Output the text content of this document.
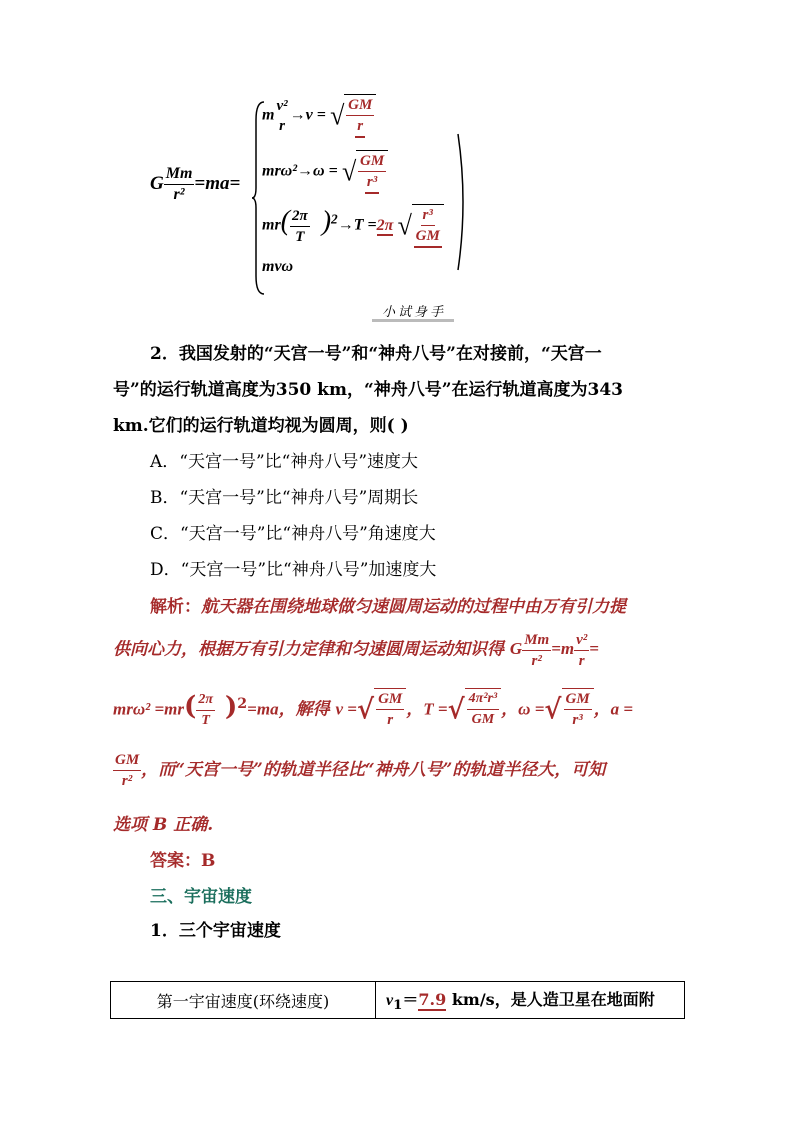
G $\frac{Mm}{\text{r²}} =ma=$
m
v²
r
→v = √ $\frac{GM}{r}$
mrω²→ω = √ $\frac{GM}{\text{r³}}$
$mr( \frac{2\pi}{T} )^2\to T =2\pi$ √ $\frac{\text{r³}}{GM}$
mvω
小试身手
2．我国发射的“天宫一号”和“神舟八号”在对接前，“天宫一
号”的运行轨道高度为350 km，“神舟八号”在运行轨道高度为343
km.它们的运行轨道均视为圆周，则( )
A．“天宫一号”比“神舟八号”速度大
B．“天宫一号”比“神舟八号”周期长
C．“天宫一号”比“神舟八号”角速度大
D．“天宫一号”比“神舟八号”加速度大
解析：航天器在围绕地球做匀速圆周运动的过程中由万有引力提
供向心力，根据万有引力定律和匀速圆周运动知识得 G $\frac{Mm}{\text{r²}} =m \frac{\text{v²}}{r}$ =
$mr\omega^2 =mr( \frac{2\pi}{T} )^2=ma$，解得 v = √ $\frac{GM}{r}$ ，T = √ $\frac{\text{4π²r³}}{GM}$ ，ω = √ $\frac{GM}{\text{r³}}$ ，a =
$\frac{GM}{\text{r²}}$ ，而“天宫一号”的轨道半径比“神舟八号”的轨道半径大，可知
选项 B 正确.
答案：B
三、宇宙速度
1．三个宇宙速度
第一宇宙速度(环绕速度)	$v_1=7.9$ km/s，是人造卫星在地面附
